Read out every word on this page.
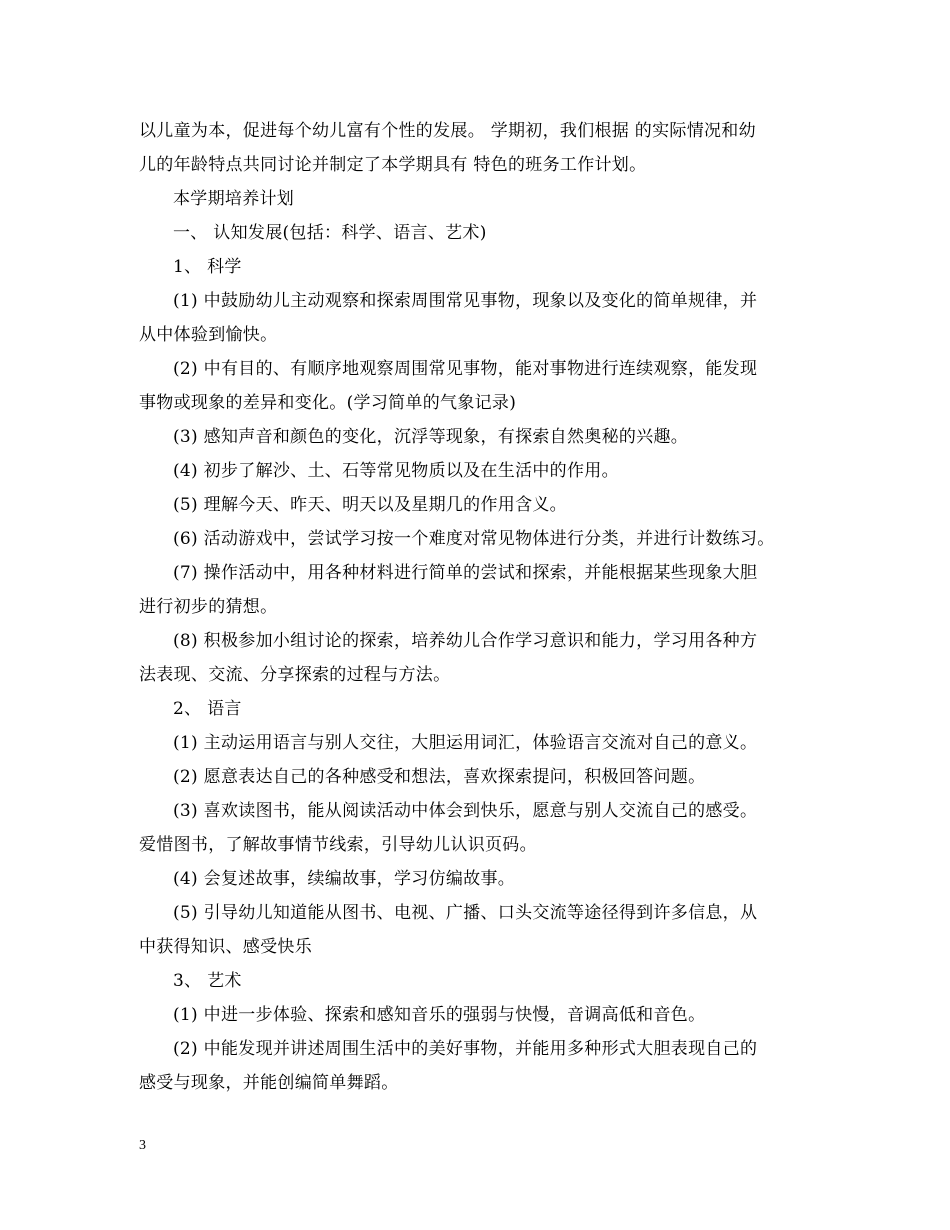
以儿童为本，促进每个幼儿富有个性的发展。 学期初，我们根据 的实际情况和幼
儿的年龄特点共同讨论并制定了本学期具有 特色的班务工作计划。
本学期培养计划
一、 认知发展(包括：科学、语言、艺术)
1、 科学
(1) 中鼓励幼儿主动观察和探索周围常见事物，现象以及变化的简单规律，并
从中体验到愉快。
(2) 中有目的、有顺序地观察周围常见事物，能对事物进行连续观察，能发现
事物或现象的差异和变化。(学习简单的气象记录)
(3) 感知声音和颜色的变化，沉浮等现象，有探索自然奥秘的兴趣。
(4) 初步了解沙、土、石等常见物质以及在生活中的作用。
(5) 理解今天、昨天、明天以及星期几的作用含义。
(6) 活动游戏中，尝试学习按一个难度对常见物体进行分类，并进行计数练习。
(7) 操作活动中，用各种材料进行简单的尝试和探索，并能根据某些现象大胆
进行初步的猜想。
(8) 积极参加小组讨论的探索，培养幼儿合作学习意识和能力，学习用各种方
法表现、交流、分享探索的过程与方法。
2、 语言
(1) 主动运用语言与别人交往，大胆运用词汇，体验语言交流对自己的意义。
(2) 愿意表达自己的各种感受和想法，喜欢探索提问，积极回答问题。
(3) 喜欢读图书，能从阅读活动中体会到快乐，愿意与别人交流自己的感受。
爱惜图书，了解故事情节线索，引导幼儿认识页码。
(4) 会复述故事，续编故事，学习仿编故事。
(5) 引导幼儿知道能从图书、电视、广播、口头交流等途径得到许多信息，从
中获得知识、感受快乐
3、 艺术
(1) 中进一步体验、探索和感知音乐的强弱与快慢，音调高低和音色。
(2) 中能发现并讲述周围生活中的美好事物，并能用多种形式大胆表现自己的
感受与现象，并能创编简单舞蹈。
3
